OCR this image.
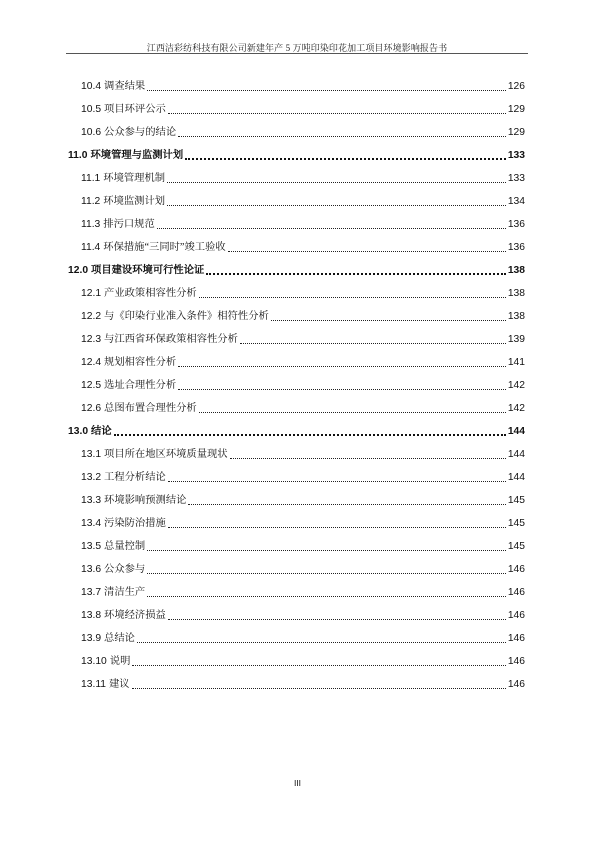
江西洁彩纺科技有限公司新建年产 5 万吨印染印花加工项目环境影响报告书
10.4 调查结果	126
10.5 项目环评公示	129
10.6 公众参与的结论	129
11.0 环境管理与监测计划	133
11.1 环境管理机制	133
11.2 环境监测计划	134
11.3 排污口规范	136
11.4 环保措施“三同时”竣工验收	136
12.0 项目建设环境可行性论证	138
12.1 产业政策相容性分析	138
12.2 与《印染行业准入条件》相符性分析	138
12.3 与江西省环保政策相容性分析	139
12.4 规划相容性分析	141
12.5 选址合理性分析	142
12.6 总图布置合理性分析	142
13.0 结论	144
13.1 项目所在地区环境质量现状	144
13.2 工程分析结论	144
13.3 环境影响预测结论	145
13.4 污染防治措施	145
13.5 总量控制	145
13.6 公众参与	146
13.7 清洁生产	146
13.8 环境经济损益	146
13.9 总结论	146
13.10 说明	146
13.11 建议	146
III
